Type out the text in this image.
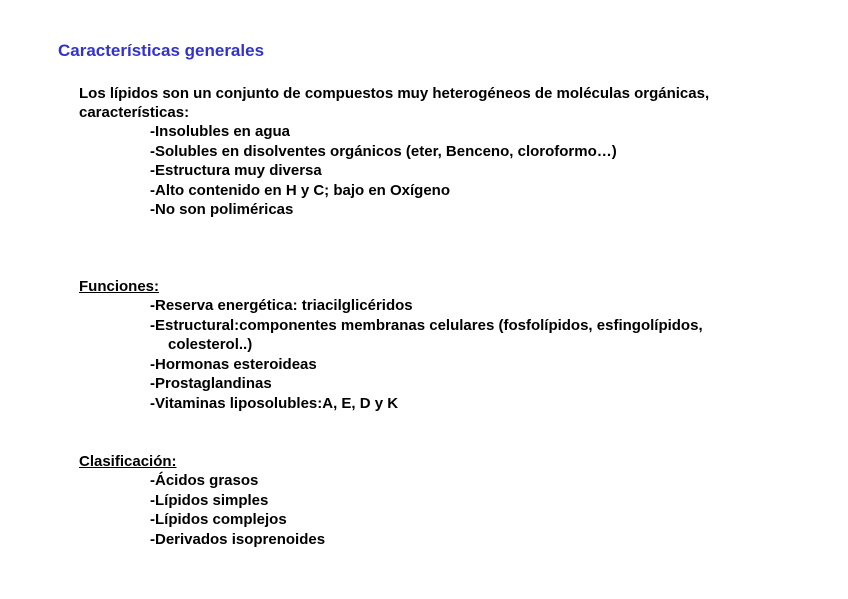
Características generales
Los lípidos son un conjunto de compuestos muy heterogéneos de moléculas orgánicas, características:
-Insolubles en agua
-Solubles en disolventes orgánicos (eter, Benceno, cloroformo…)
-Estructura muy diversa
-Alto contenido en H y C; bajo en Oxígeno
-No son poliméricas
Funciones:
-Reserva energética: triacilglicéridos
-Estructural:componentes membranas celulares (fosfolípidos, esfingolípidos,
colesterol..)
-Hormonas esteroideas
-Prostaglandinas
-Vitaminas liposolubles:A, E, D y K
Clasificación:
-Ácidos grasos
-Lípidos simples
-Lípidos complejos
-Derivados isoprenoides
